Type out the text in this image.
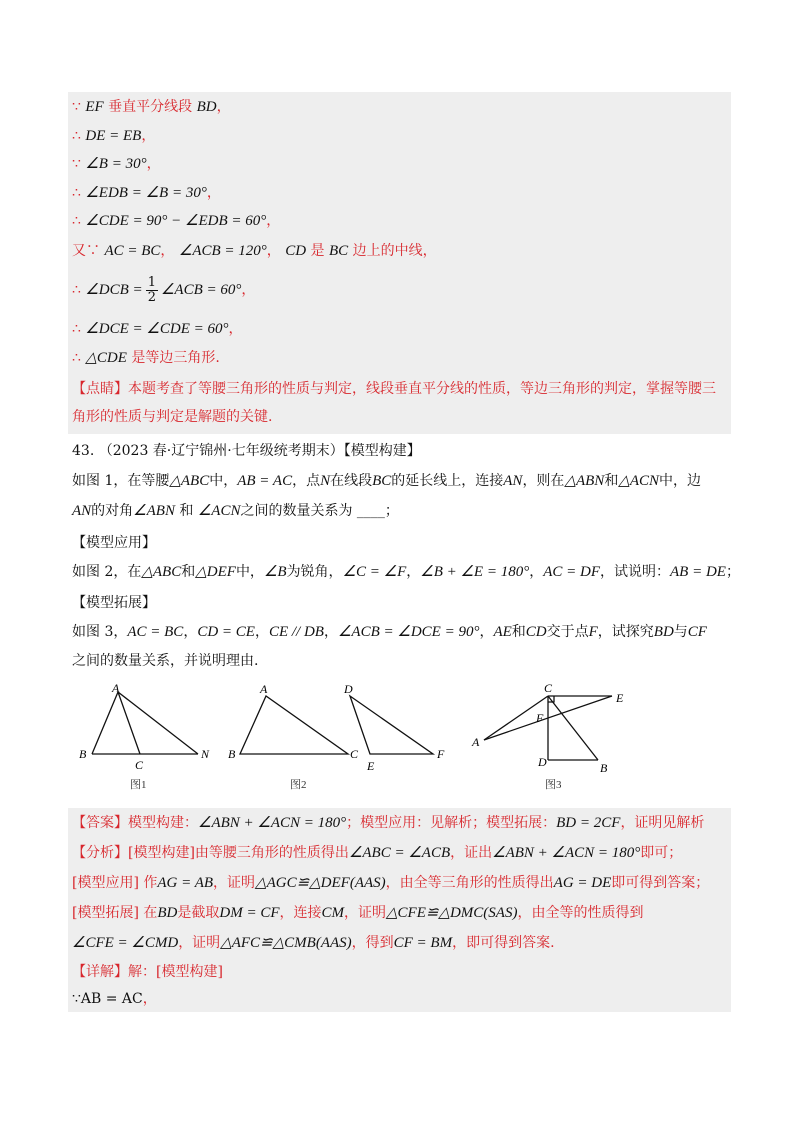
∵ EF 垂直平分线段 BD，
∴ DE = EB，
∵ ∠B = 30°，
∴ ∠EDB = ∠B = 30°，
∴ ∠CDE = 90° − ∠EDB = 60°，
又∵ AC = BC， ∠ACB = 120°， CD 是 BC 边上的中线，
∴ ∠DCB = $\frac{1}{2}$ ∠ACB = 60°，
∴ ∠DCE = ∠CDE = 60°，
∴ △CDE 是等边三角形.
【点睛】本题考查了等腰三角形的性质与判定，线段垂直平分线的性质，等边三角形的判定，掌握等腰三
角形的性质与判定是解题的关键.
43. （2023 春·辽宁锦州·七年级统考期末）【模型构建】
如图 1，在等腰△ABC中，AB = AC，点N在线段BC的延长线上，连接AN，则在△ABN和△ACN中，边
AN的对角∠ABN 和 ∠ACN之间的数量关系为 ____；
【模型应用】
如图 2，在△ABC和△DEF中，∠B为锐角，∠C = ∠F，∠B + ∠E = 180°，AC = DF，试说明：AB = DE；
【模型拓展】
如图 3，AC = BC，CD = CE，CE // DB，∠ACB = ∠DCE = 90°，AE和CD交于点F，试探究BD与CF
之间的数量关系，并说明理由.
A
B
C
N
图1
A
B	C
D
E
F
图2
C
E
F
A
D	B
图3
【答案】模型构建：∠ABN + ∠ACN = 180°；模型应用：见解析；模型拓展：BD = 2CF，证明见解析
【分析】[模型构建]由等腰三角形的性质得出∠ABC = ∠ACB，证出∠ABN + ∠ACN = 180°即可；
[模型应用] 作AG = AB，证明△AGC≌△DEF(AAS)，由全等三角形的性质得出AG = DE即可得到答案；
[模型拓展] 在BD是截取DM = CF，连接CM，证明△CFE≌△DMC(SAS)，由全等的性质得到
∠CFE = ∠CMD，证明△AFC≌△CMB(AAS)，得到CF = BM，即可得到答案.
【详解】解：[模型构建]
∵AB = AC，
